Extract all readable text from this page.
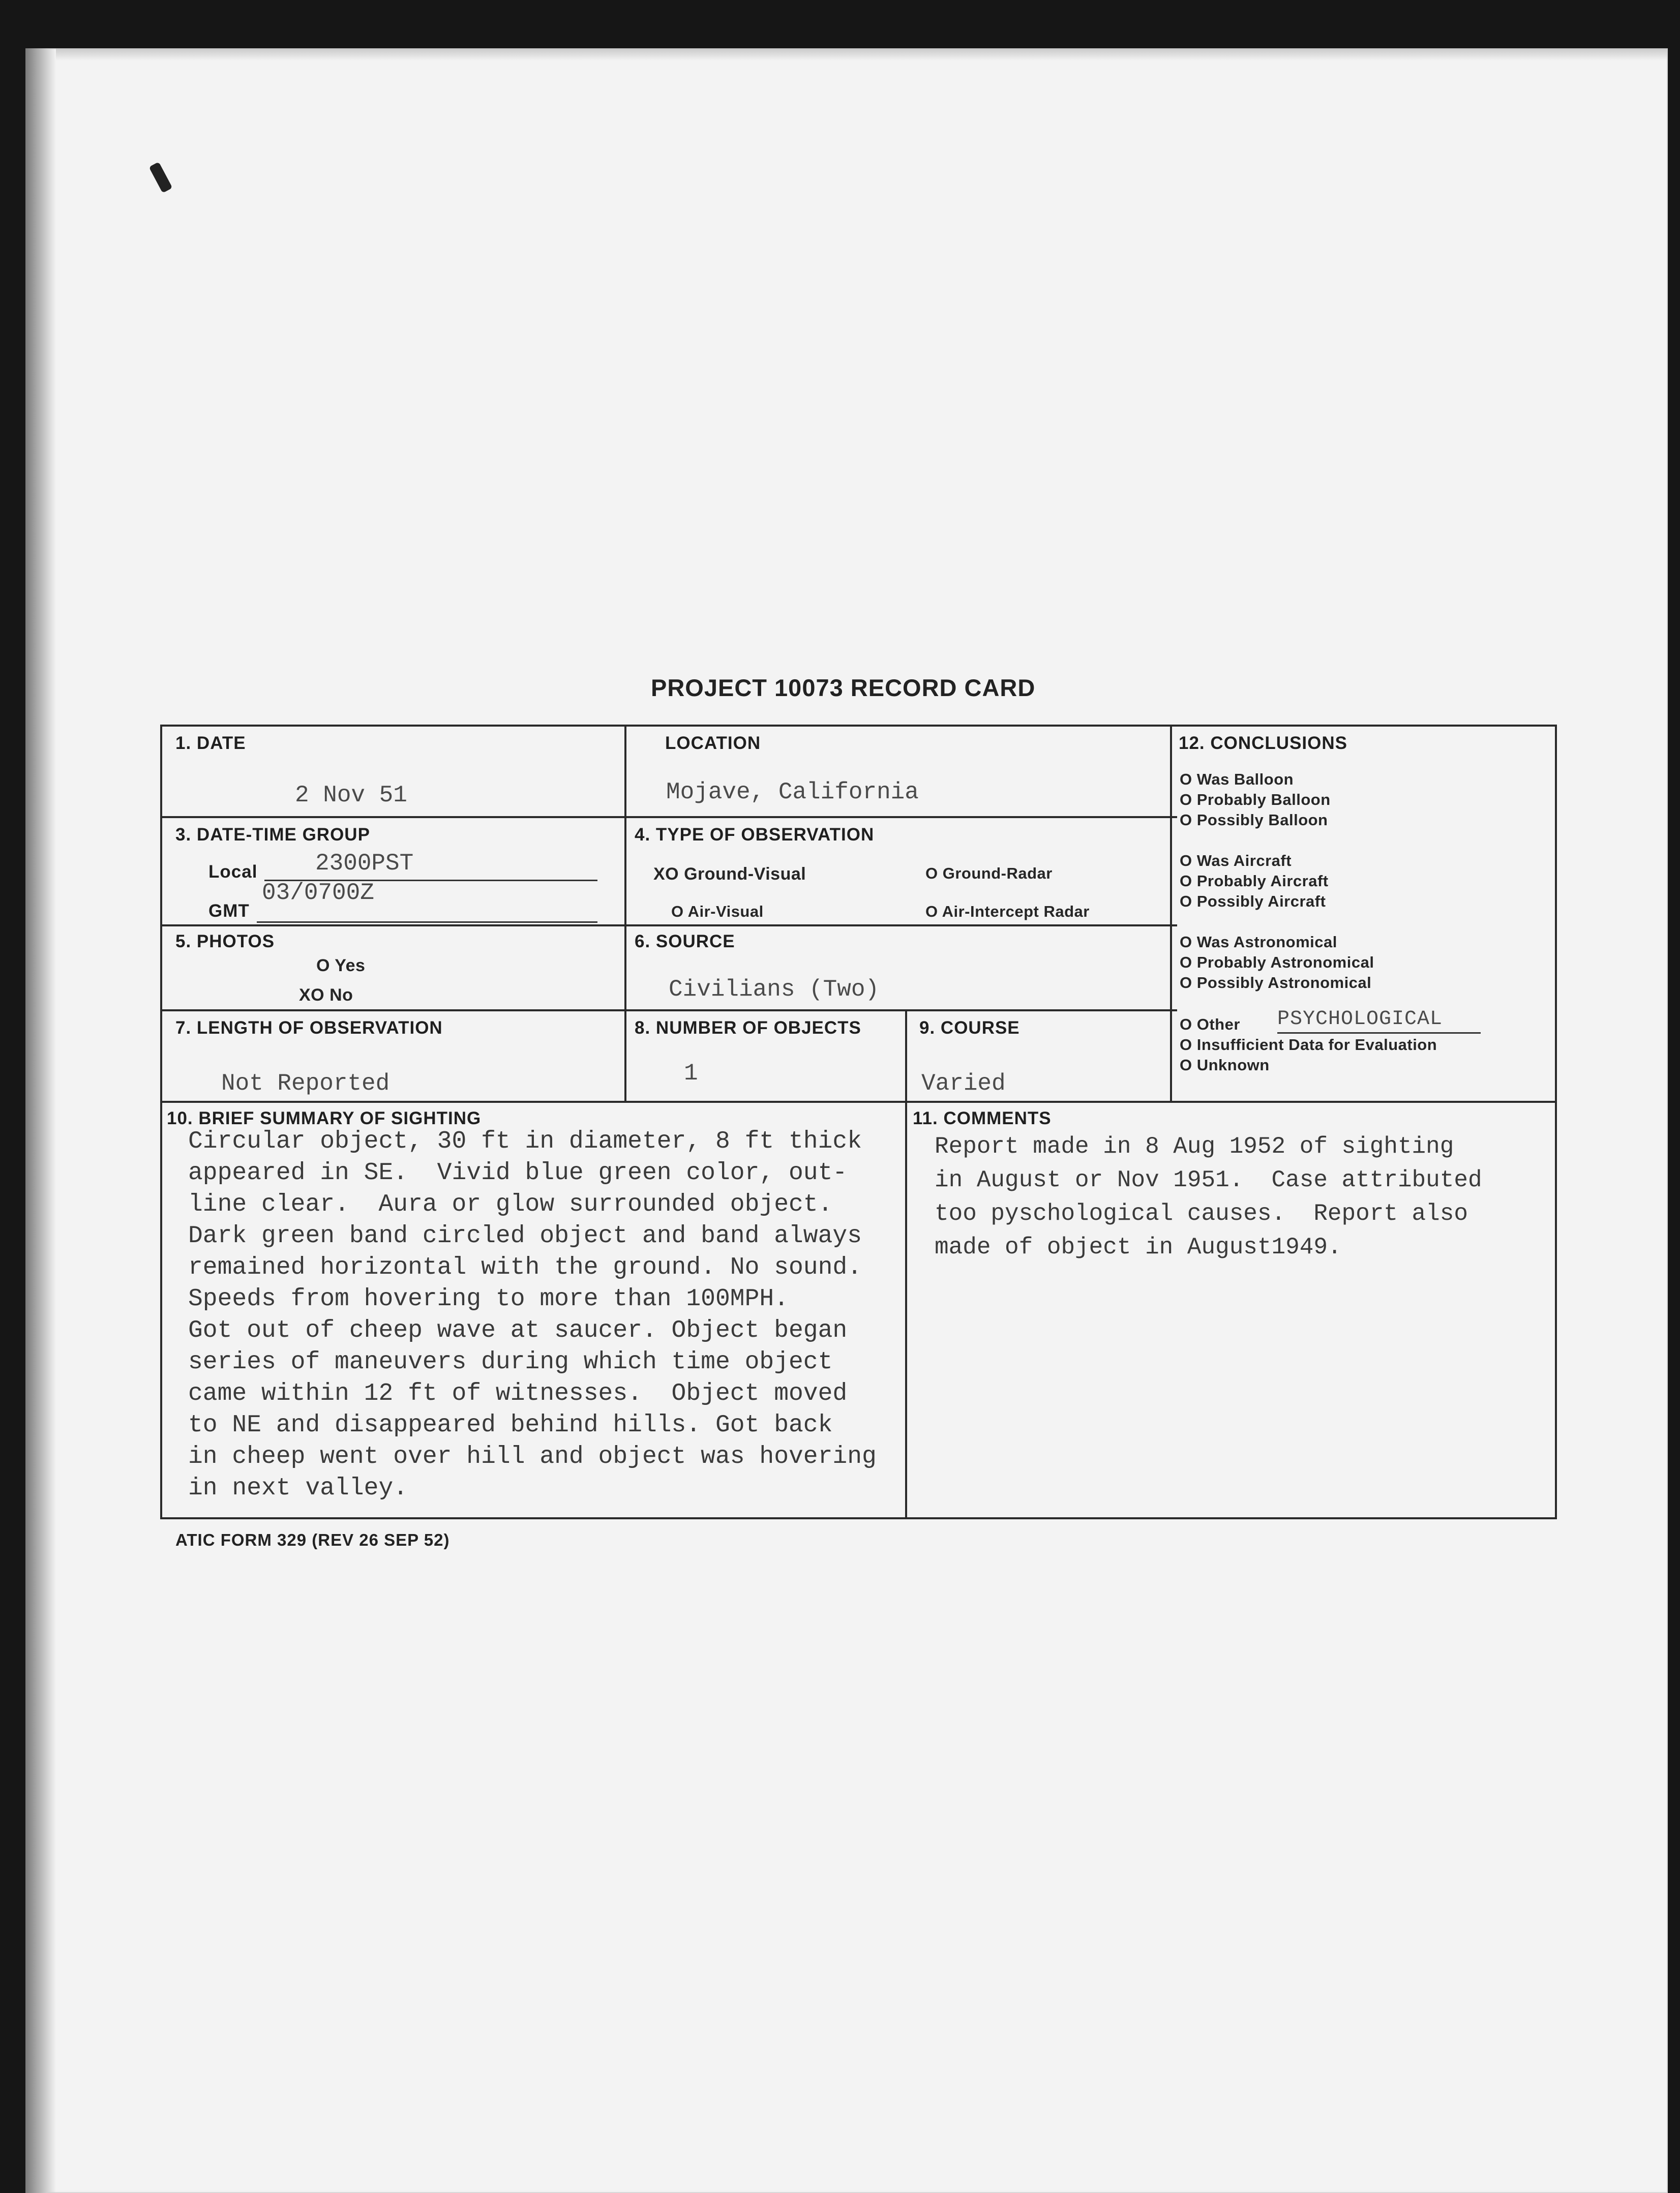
PROJECT 10073 RECORD CARD
1. DATE
2 Nov 51
LOCATION
Mojave, California
3. DATE-TIME GROUP
Local 2300PST
GMT
03/0700Z
4. TYPE OF OBSERVATION
XO Ground-Visual	O Ground-Radar
O Air-Visual	O Air-Intercept Radar
5. PHOTOS
O Yes
XO No
6. SOURCE
Civilians (Two)
7. LENGTH OF OBSERVATION
Not Reported
8. NUMBER OF OBJECTS
1
9. COURSE
Varied
10. BRIEF SUMMARY OF SIGHTING
Circular object, 30 ft in diameter, 8 ft thick
appeared in SE.  Vivid blue green color, out-
line clear.  Aura or glow surrounded object.
Dark green band circled object and band always
remained horizontal with the ground. No sound.
Speeds from hovering to more than 100MPH.
Got out of cheep wave at saucer. Object began
series of maneuvers during which time object
came within 12 ft of witnesses.  Object moved
to NE and disappeared behind hills. Got back
in cheep went over hill and object was hovering
in next valley.
11. COMMENTS
Report made in 8 Aug 1952 of sighting
in August or Nov 1951.  Case attributed
too pyschological causes.  Report also
made of object in August1949.
12. CONCLUSIONS
O Was Balloon
O Probably Balloon
O Possibly Balloon
O Was Aircraft
O Probably Aircraft
O Possibly Aircraft
O Was Astronomical
O Probably Astronomical
O Possibly Astronomical
O Other PSYCHOLOGICAL
O Insufficient Data for Evaluation
O Unknown
ATIC FORM 329 (REV 26 SEP 52)
